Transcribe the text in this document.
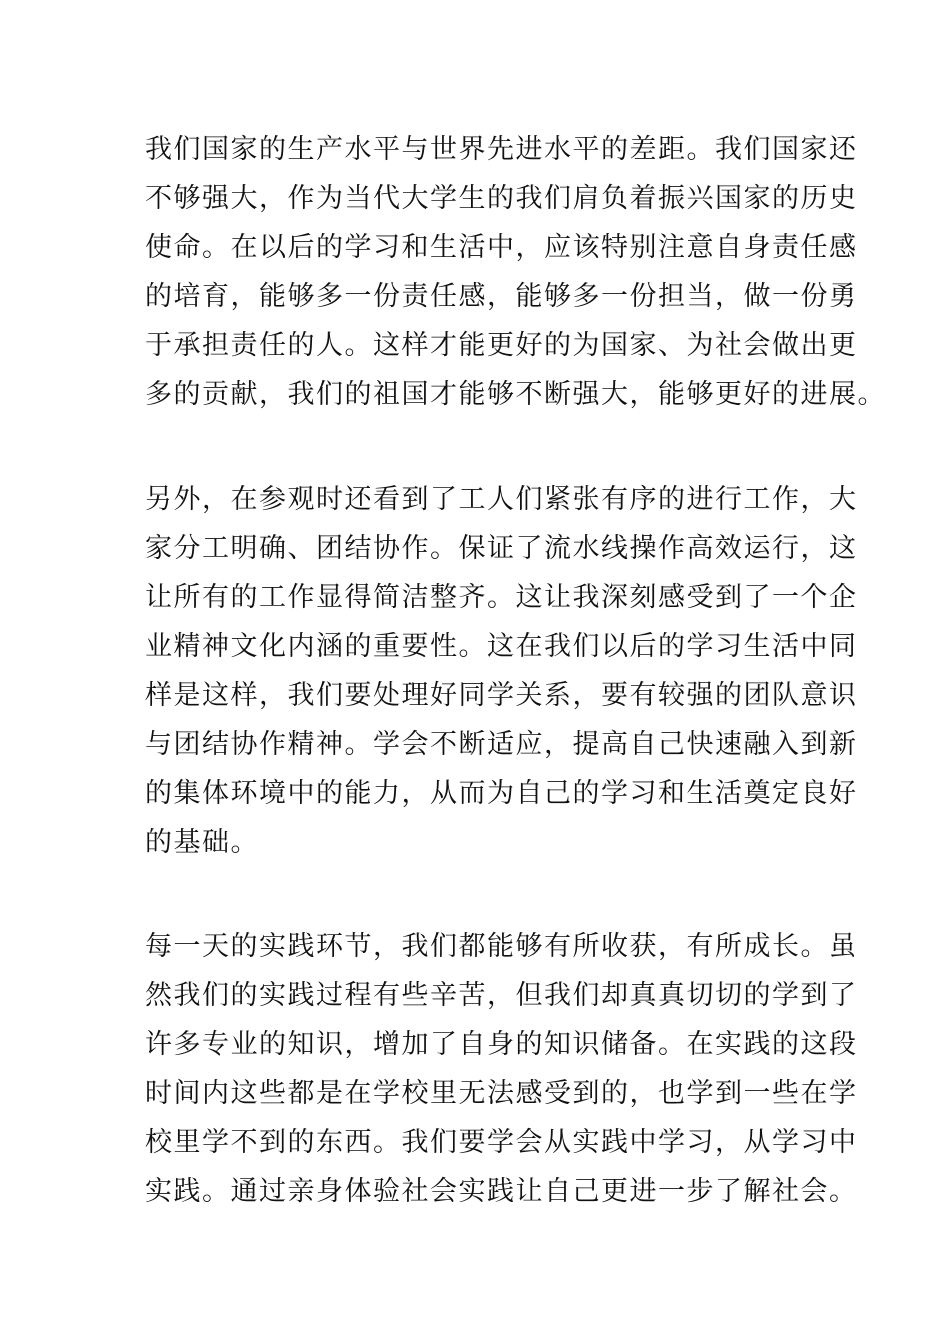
我们国家的生产水平与世界先进水平的差距。我们国家还
不够强大，作为当代大学生的我们肩负着振兴国家的历史
使命。在以后的学习和生活中，应该特别注意自身责任感
的培育，能够多一份责任感，能够多一份担当，做一份勇
于承担责任的人。这样才能更好的为国家、为社会做出更
多的贡献，我们的祖国才能够不断强大，能够更好的进展。
另外，在参观时还看到了工人们紧张有序的进行工作，大
家分工明确、团结协作。保证了流水线操作高效运行，这
让所有的工作显得简洁整齐。这让我深刻感受到了一个企
业精神文化内涵的重要性。这在我们以后的学习生活中同
样是这样，我们要处理好同学关系，要有较强的团队意识
与团结协作精神。学会不断适应，提高自己快速融入到新
的集体环境中的能力，从而为自己的学习和生活奠定良好
的基础。
每一天的实践环节，我们都能够有所收获，有所成长。虽
然我们的实践过程有些辛苦，但我们却真真切切的学到了
许多专业的知识，增加了自身的知识储备。在实践的这段
时间内这些都是在学校里无法感受到的，也学到一些在学
校里学不到的东西。我们要学会从实践中学习，从学习中
实践。通过亲身体验社会实践让自己更进一步了解社会。
